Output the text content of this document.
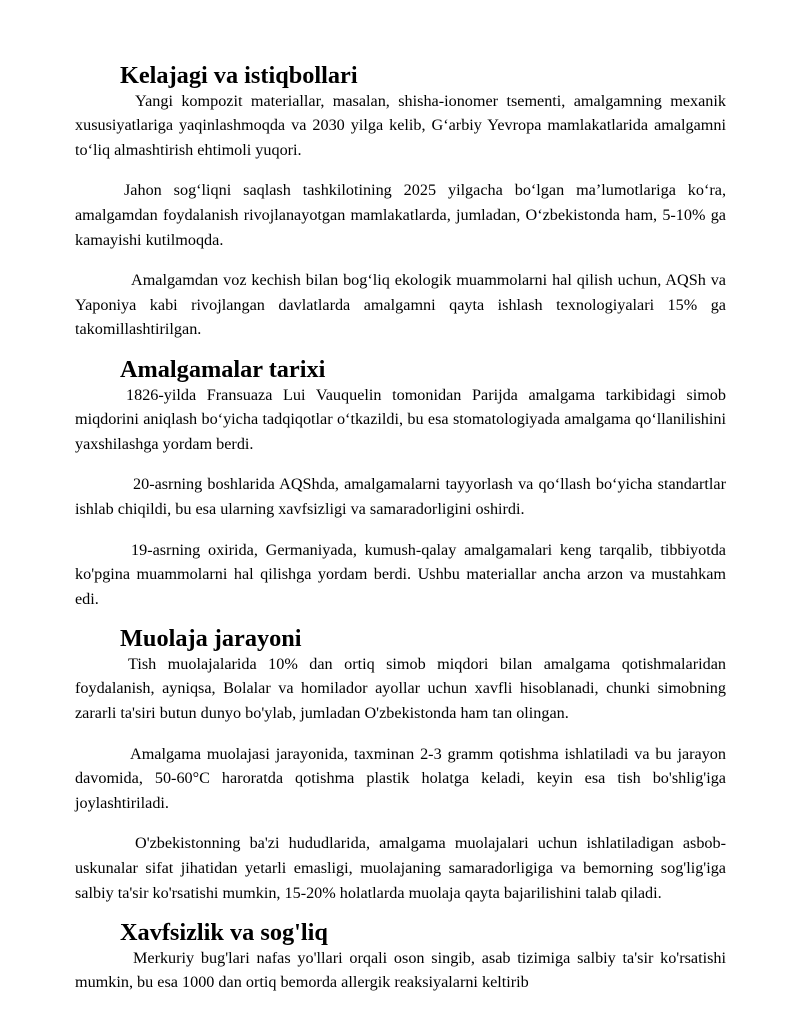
Kelajagi va istiqbollari

Yangi kompozit materiallar, masalan, shisha-ionomer tsementi, amalgamning mexanik xususiyatlariga yaqinlashmoqda va 2030 yilga kelib, G‘arbiy Yevropa mamlakatlarida amalgamni to‘liq almashtirish ehtimoli yuqori.

Jahon sog‘liqni saqlash tashkilotining 2025 yilgacha bo‘lgan ma’lumotlariga ko‘ra, amalgamdan foydalanish rivojlanayotgan mamlakatlarda, jumladan, O‘zbekistonda ham, 5-10% ga kamayishi kutilmoqda.

Amalgamdan voz kechish bilan bog‘liq ekologik muammolarni hal qilish uchun, AQSh va Yaponiya kabi rivojlangan davlatlarda amalgamni qayta ishlash texnologiyalari 15% ga takomillashtirilgan.

Amalgamalar tarixi

1826-yilda Fransuaza Lui Vauquelin tomonidan Parijda amalgama tarkibidagi simob miqdorini aniqlash bo‘yicha tadqiqotlar o‘tkazildi, bu esa stomatologiyada amalgama qo‘llanilishini yaxshilashga yordam berdi.

20-asrning boshlarida AQShda, amalgamalarni tayyorlash va qo‘llash bo‘yicha standartlar ishlab chiqildi, bu esa ularning xavfsizligi va samaradorligini oshirdi.

19-asrning oxirida, Germaniyada, kumush-qalay amalgamalari keng tarqalib, tibbiyotda ko'pgina muammolarni hal qilishga yordam berdi. Ushbu materiallar ancha arzon va mustahkam edi.

Muolaja jarayoni

Tish muolajalarida 10% dan ortiq simob miqdori bilan amalgama qotishmalaridan foydalanish, ayniqsa, Bolalar va homilador ayollar uchun xavfli hisoblanadi, chunki simobning zararli ta'siri butun dunyo bo'ylab, jumladan O'zbekistonda ham tan olingan.

Amalgama muolajasi jarayonida, taxminan 2-3 gramm qotishma ishlatiladi va bu jarayon davomida, 50-60°C haroratda qotishma plastik holatga keladi, keyin esa tish bo'shlig'iga joylashtiriladi.

O'zbekistonning ba'zi hududlarida, amalgama muolajalari uchun ishlatiladigan asbob-uskunalar sifat jihatidan yetarli emasligi, muolajaning samaradorligiga va bemorning sog'lig'iga salbiy ta'sir ko'rsatishi mumkin, 15-20% holatlarda muolaja qayta bajarilishini talab qiladi.

Xavfsizlik va sog'liq

Merkuriy bug'lari nafas yo'llari orqali oson singib, asab tizimiga salbiy ta'sir ko'rsatishi mumkin, bu esa 1000 dan ortiq bemorda allergik reaksiyalarni keltirib
